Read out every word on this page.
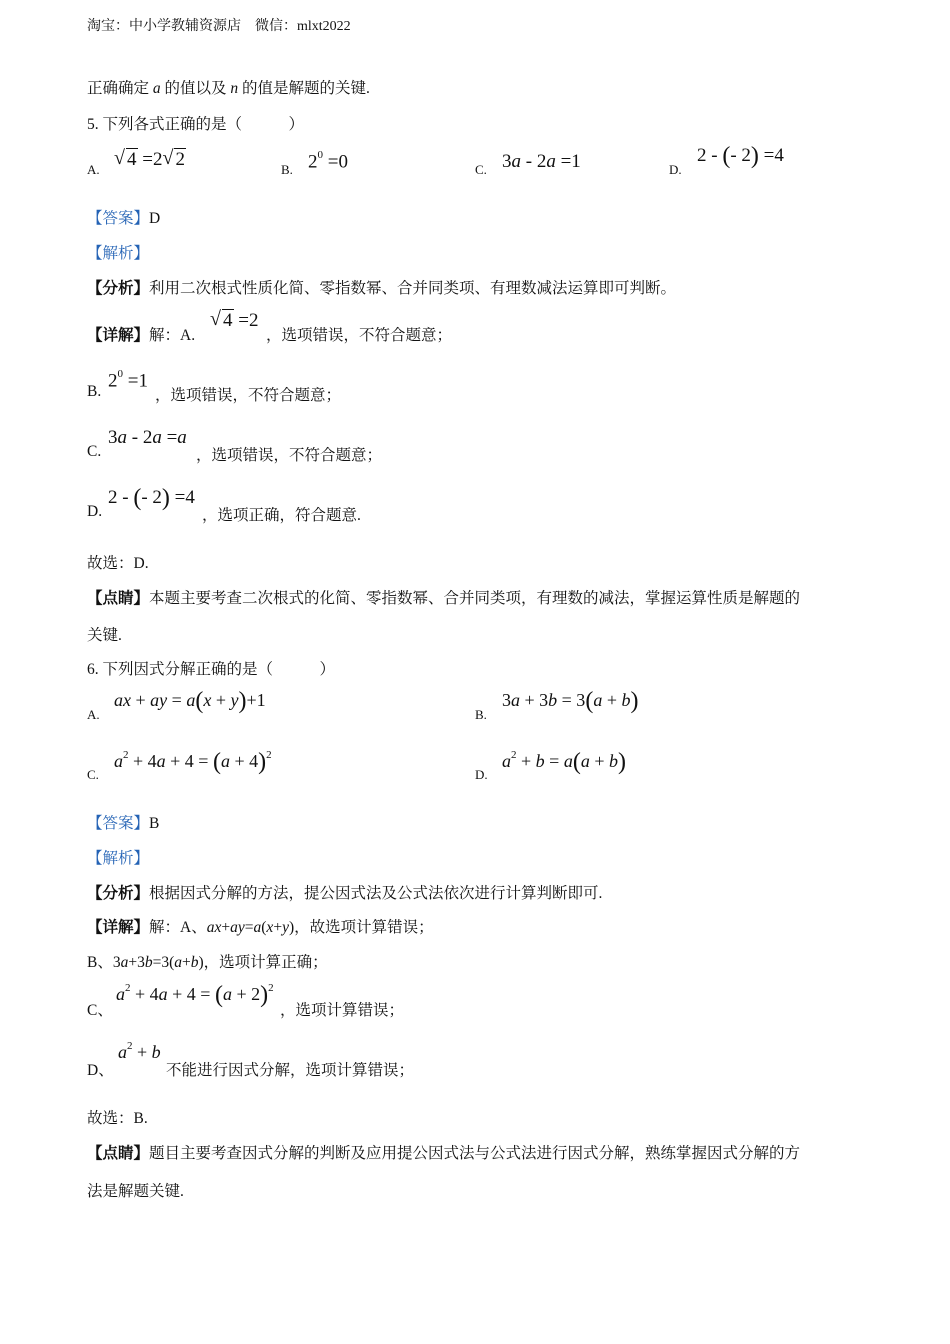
淘宝：中小学教辅资源店　微信：mlxt2022
正确确定 a 的值以及 n 的值是解题的关键.
5. 下列各式正确的是（　　　）
A.
√ 4 =2 √ 2	B. $2^0 =0$	C. 3a - 2a =1	D.
2 - (- 2) =4
【答案】D
【解析】
【分析】利用二次根式性质化简、零指数幂、合并同类项、有理数减法运算即可判断。
【详解】解：A.
√ 4 =2
，选项错误，不符合题意；
B.
$2^0 =1$
，选项错误，不符合题意；
C.
3a - 2a =a
，选项错误，不符合题意；
D.
2 - (- 2) =4
，选项正确，符合题意.
故选：D.
【点睛】本题主要考查二次根式的化简、零指数幂、合并同类项，有理数的减法，掌握运算性质是解题的
关键.
6. 下列因式分解正确的是（　　　）
A.
ax + ay = a(x + y)+1
B.
3a + 3b = 3(a + b)
C.
$a^2 + 4a + 4 = (a + 4)^2$
D.
$a^2 + b = a(a + b)$
【答案】B
【解析】
【分析】根据因式分解的方法，提公因式法及公式法依次进行计算判断即可.
【详解】解：A、ax+ay=a(x+y)，故选项计算错误；
B、3a+3b=3(a+b)，选项计算正确；
C、
$a^2 + 4a + 4 = (a + 2)^2$
，选项计算错误；
D、
$a^2 + b$
不能进行因式分解，选项计算错误；
故选：B.
【点睛】题目主要考查因式分解的判断及应用提公因式法与公式法进行因式分解，熟练掌握因式分解的方
法是解题关键.
